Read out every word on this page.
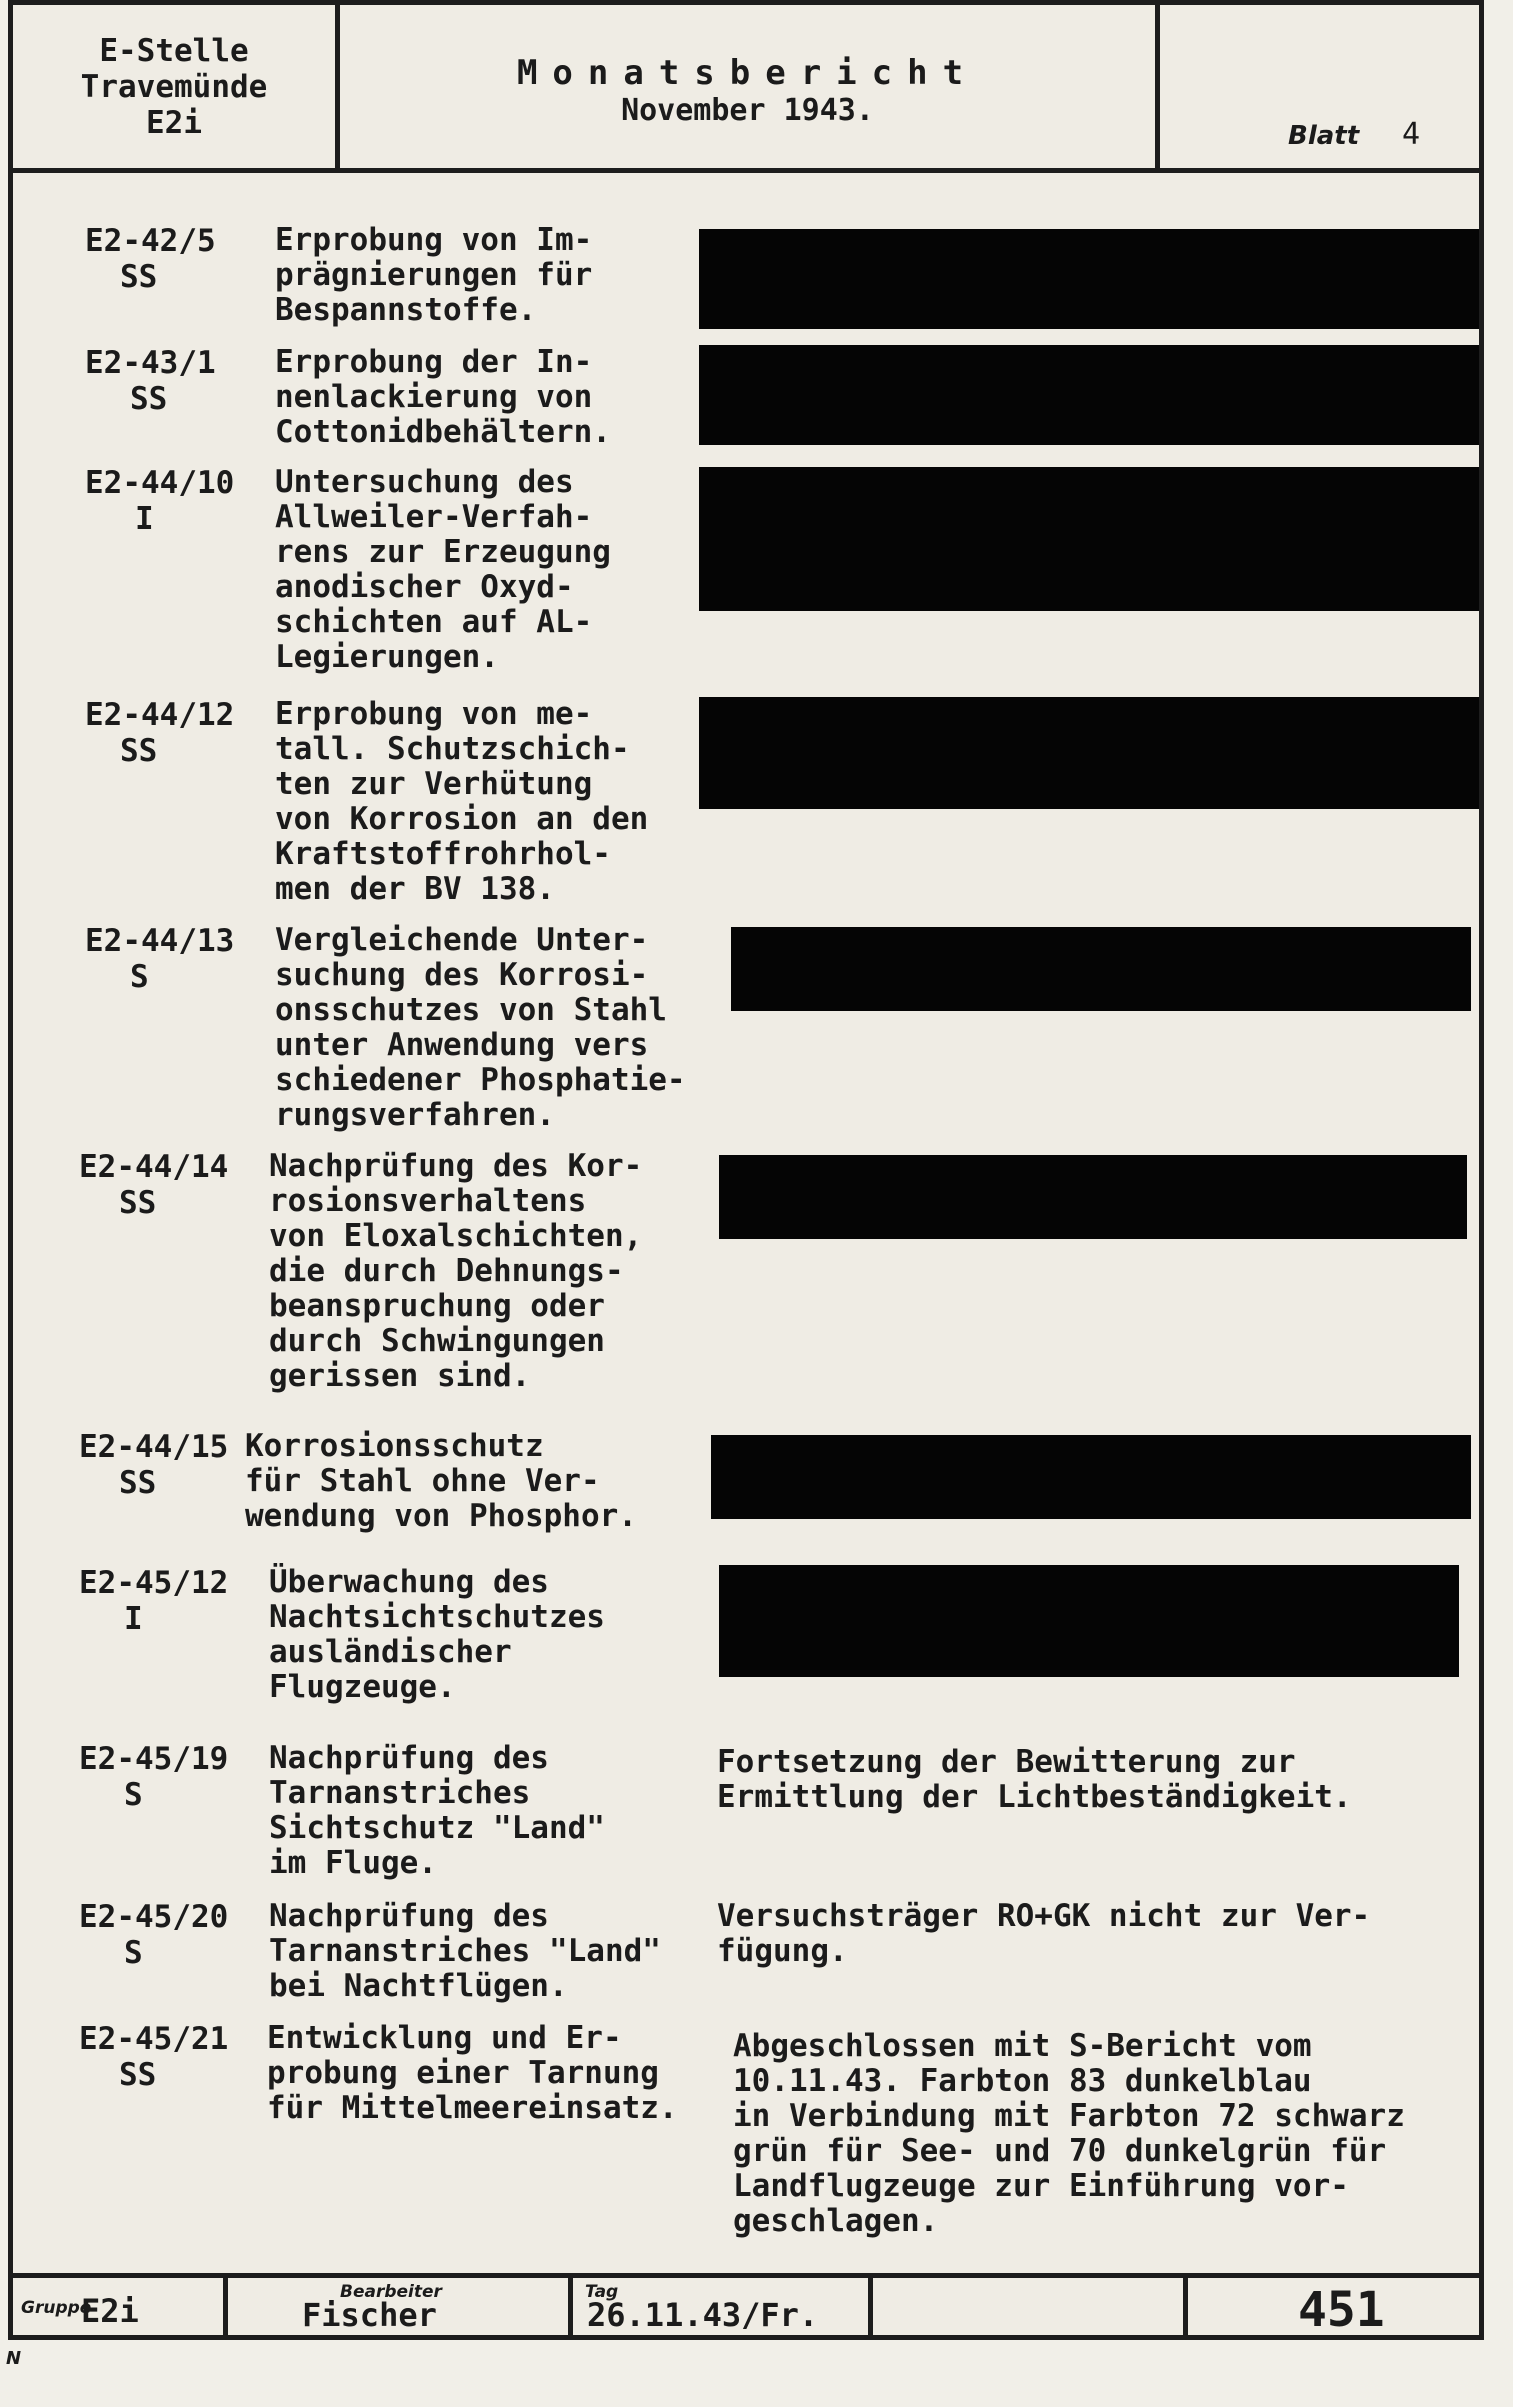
E-Stelle
Travemünde
E2i
Monatsbericht
November 1943.
Blatt 4
E2-42/5
SS
Erprobung von Im-
prägnierungen für
Bespannstoffe.
E2-43/1
SS
Erprobung der In-
nenlackierung von
Cottonidbehältern.
E2-44/10
I
Untersuchung des
Allweiler-Verfah-
rens zur Erzeugung
anodischer Oxyd-
schichten auf AL-
Legierungen.
E2-44/12
SS
Erprobung von me-
tall. Schutzschich-
ten zur Verhütung
von Korrosion an den
Kraftstoffrohrhol-
men der BV 138.
E2-44/13
S
Vergleichende Unter-
suchung des Korrosi-
onsschutzes von Stahl
unter Anwendung vers
schiedener Phosphatie-
rungsverfahren.
E2-44/14
SS
Nachprüfung des Kor-
rosionsverhaltens
von Eloxalschichten,
die durch Dehnungs-
beanspruchung oder
durch Schwingungen
gerissen sind.
E2-44/15
SS
Korrosionsschutz
für Stahl ohne Ver-
wendung von Phosphor.
E2-45/12
I
Überwachung des
Nachtsichtschutzes
ausländischer
Flugzeuge.
E2-45/19
S
Nachprüfung des
Tarnanstriches
Sichtschutz "Land"
im Fluge.
Fortsetzung der Bewitterung zur
Ermittlung der Lichtbeständigkeit.
E2-45/20
S
Nachprüfung des
Tarnanstriches "Land"
bei Nachtflügen.
Versuchsträger RO+GK nicht zur Ver-
fügung.
E2-45/21
SS
Entwicklung und Er-
probung einer Tarnung
für Mittelmeereinsatz.
Abgeschlossen mit S-Bericht vom
10.11.43. Farbton 83 dunkelblau
in Verbindung mit Farbton 72 schwarz
grün für See- und 70 dunkelgrün für
Landflugzeuge zur Einführung vor-
geschlagen.
Gruppe
E2i	Bearbeiter
Fischer
Tag
26.11.43/Fr.	451
N
